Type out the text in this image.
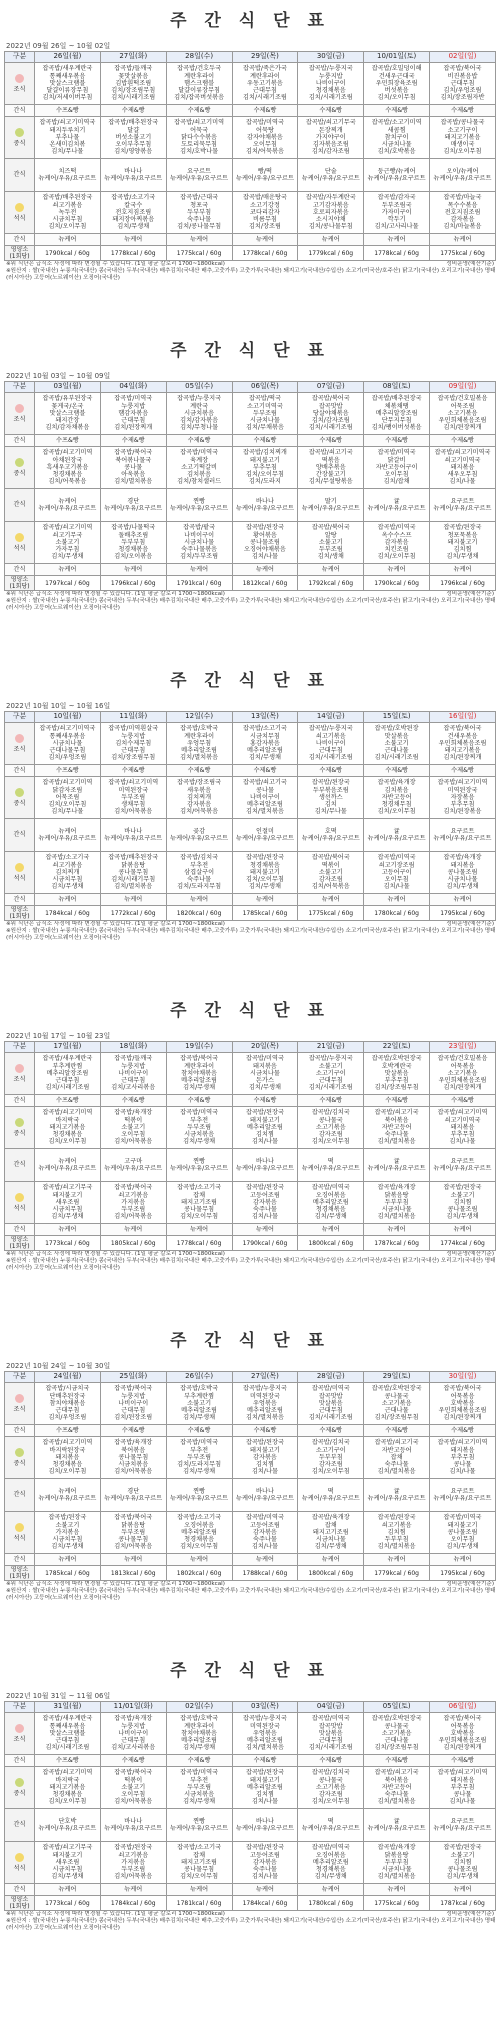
주 간 식 단 표
2022년 09월 26일 ~ 10월 02일
구분	26일(월)	27일(화)	28일(수)	29일(목)	30일(금)	10/01일(토)	02일(일)

조식	잡곡밥/새우계란국
통째새우볶음
맛살스크램블
달걀이류장무침
김치/저세이버무침	잡곡밥/들깨국
꽃맛살볶음
김밥흰떡조림
김치/장조림무침
김치/시래기조림	잡곡밥/건호두국
계란후라이
햄스크램블
달걀이류장무침
김치/잡곡버섯볶음	잡곡밥/죽은가국
계란후라이
우동고기볶음
근대무침
김치/시래기조림	잡곡밥/누룽지국
누룽지밥
나비이구이
청경채볶음
김치/시래기조림	잡곡밥/호밀덩이해
건새우근대국
우민희장육조림
버섯볶음
김치/오이무침	잡곡밥/북어국
비진볶음밥
근대무침
김치/우엉조림
김치/장조림자반
간식	수프&빵	수제&빵	수제&빵	수제&빵	수제&빵	수제&빵	수제&빵

중식	잡곡밥/쇠고기미역국
돼지두루치기
부추나물
온새미김치볶
김치/무나물	잡곡밥/배추된장국
달걀
버섯소불고기
오이부추무침
김치/영양볶음	잡곡밥/쇠고기미역
어묵국
닭다수수볶음
도토리묵무침
김치/호박나물	잡곡밥/미역국
어묵탕
감자야채볶음
오이무침
김치/어묵볶음	잡곡밥/쇠고기무국
돈장찌개
가지야구이
김자볶음조림
김치/감자조림	잡곡밥/소고기미역
새콤찜
참치구이
시금치나물
김치/호박볶음	잡곡밥/콩나물국
소고기구이
돼지고기볶음
매생이국
김치/오이무침
간식	치즈떡
뉴케어/우유/요구르트	바나나
뉴케어/우유/요구르트	요구르트
뉴케어/우유/요구르트	빵/떡
뉴케어/우유/요구르트	단술
뉴케어/우유/요구르트	둥근빵/뉴케어
뉴케어/우유/요구르트	오이/뉴케어
뉴케어/우유/요구르트

석식	잡곡밥/배추된장국
쇠고기볶음
녹두전
시금치무침
김치/오이무침	잡곡밥/소고기국
칼국수
전호지짐조림
돼지장아찌볶음
김치/무생채	잡곡밥/근대국
청포국
두부부침
숙주나물
김치/콩나물무침	잡곡밥/매운탕국
소고기강정
코다리감자
비름무침
김치/장조림	잡곡밥/자두계란국
고기감자볶음
호로피자볶음
소시지야채
김치/콩나물무침	잡곡밥/감자국
두부조림국
가자미구이
깍두기
김치/고사리나물	잡곡밥/마늘국
목수수볶음
전호지짐조림
감자볶음
김치/마늘볶음
간식	뉴케어	뉴케어	뉴케어	뉴케어	뉴케어	뉴케어	뉴케어
영양소
(1회당)	1790kcal / 60g	1778kcal / 60g	1775kcal / 60g	1778kcal / 60g	1779kcal / 60g	1778kcal / 60g	1775kcal / 60g
성비운영(예산기준)
※위 식단은 급식소 사정에 따라 변경될 수 있습니다. (1일 평균 칼로리 1700~1800kcal)
※원산지 : 쌀(국내산) 누룽지(국내산) 콩(국내산) 두부(국내산) 배추김치(국내산 배추,고춧가루) 고춧가루(국내산) 돼지고기(국내산/수입산) 소고기(미국산/호주산) 닭고기(국내산) 오리고기(국내산) 명태(러시아산) 고등어(노르웨이산) 오징어(국내산)
주 간 식 단 표
2022년 10월 03일 ~ 10월 09일
구분	03일(월)	04일(화)	05일(수)	06일(목)	07일(금)	08일(토)	09일(일)

조식	잡곡밥/유부된장국
꽃게국/온국
맛살스크램블
돼지간장
김치/감자채볶음	잡곡밥/미역국
누룽지밥
햄감자볶음
근대무침
김치/된장찌개	잡곡밥/누룽지국
계란국
시금치볶음
김치/감자볶음
김치/무청나물	잡곡밥/떡국
소고기미역국
두부조림
시금치나물
김치/무채볶음	잡곡밥/북어국
잡곡맛밥
당살야채볶음
김치/감자조림
김치/시래기조림	잡곡밥/배추된장국
체볶채땡
메추리알장조림
단무지무침
김치/팽이버섯볶음	잡곡밥/건호밀볶음
어묵조림
소고기볶음
우민희체볶음조림
김치/된장찌개
간식	수프&빵	수제&빵	수제&빵	수제&빵	수제&빵	수제&빵	수제&빵

중식	잡곡밥/쇠고기미역
아채된장국
흑새우고기볶음
청경채볶음
김치/어묵볶음	잡곡밥/북어국
북어볶나물국
콩나물
아욱볶음
김치/멸치볶음	잡곡밥/미역국
육계장
소고기떡갈비
김치볶음
김치/참치샐러드	잡곡밥/김치찌개
돼지불고기
부추무침
김치/오이무침
김치/도라지	잡곡밥/쇠고기국
떡볶음
양배추볶음
간장불고기
김치/무설탕볶음	잡곡밥/미역국
닭갈비
자반고등어구이
오이무침
김치/잡채	잡곡밥/쇠고기미역국
쇠고기미역국
돼지볶음
새우오무침
김치/나물
간식	뉴케어
뉴케어/우유/요구르트	경단
뉴케어/우유/요구르트	찐빵
뉴케어/우유/요구르트	바나나
뉴케어/우유/요구르트	딸기
뉴케어/우유/요구르트	귤
뉴케어/우유/요구르트	요구르트
뉴케어/우유/요구르트

석식	잡곡밥/쇠고기미역
쇠고기무국
소불고기
가자무침
김치/무생채	잡곡밥/나물떡국
돌배추조림
두부부침
청경채볶음
김치/오이볶음	잡곡밥/팥국
나비이구이
시금치나물
숙주나물볶음
김치/두부조림	잡곡밥/된장국
황어볶음
콩나물조림
오징어야채볶음
김치/나물	잡곡밥/북어국
알탕
소불고기
두부조림
김치/생채	잡곡밥/미역국
옥수수스프
감자볶음
치킨조림
김치/오이무침	잡곡밥/된장국
청포묵볶음
돼지불고기
김치찜
김치/무생채
간식	뉴케어	뉴케어	뉴케어	뉴케어	뉴케어	뉴케어	뉴케어
영양소
(1회당)	1797kcal / 60g	1796kcal / 60g	1791kcal / 60g	1812kcal / 60g	1792kcal / 60g	1790kcal / 60g	1796kcal / 60g
성비운영(예산기준)
※위 식단은 급식소 사정에 따라 변경될 수 있습니다. (1일 평균 칼로리 1700~1800kcal)
※원산지 : 쌀(국내산) 누룽지(국내산) 콩(국내산) 두부(국내산) 배추김치(국내산 배추,고춧가루) 고춧가루(국내산) 돼지고기(국내산/수입산) 소고기(미국산/호주산) 닭고기(국내산) 오리고기(국내산) 명태(러시아산) 고등어(노르웨이산) 오징어(국내산)
주 간 식 단 표
2022년 10월 10일 ~ 10월 16일
구분	10일(월)	11일(화)	12일(수)	13일(목)	14일(금)	15일(토)	16일(일)

조식	잡곡밥/쇠고기미역국
통째새우볶음
시금치나물
근대나물무침
김치/우엉조림	잡곡밥/미역흰살국
누룽지밥
김치수제무침
근대무침
김치/장조림무침	잡곡밥/호박국
계란후라이
우엉무침
메추리알조림
김치/멸치볶음	잡곡밥/소고기국
시금치무침
홍감자볶음
메추리알조림
김치/무생채	잡곡밥/누룽지국
쇠고기볶음
나비이구이
근대무침
김치/시래기조림	잡곡밥/호박된장
맛살볶음
소불고기
근대나물
김치/시래기조림	잡곡밥/북어국
건새우볶음
우민희체볶음조림
돼지고기볶음
김치/된장찌개
간식	수프&빵	수제&빵	수제&빵	수제&빵	수제&빵	수제&빵	수제&빵

중식	잡곡밥/쇠고기미역
닭감자조림
어묵조림
김치/오이무침
김치/무나물	잡곡밥/쇠고기미역
미역된장국
두부조림
생채무침
김치/어묵볶음	잡곡밥/장조림국
새우볶음
김치찌개
감자볶음
김치/어묵볶음	잡곡밥/쇠고기국
콩나물
나비이구이
메추리알조림
김치/멸치볶음	잡곡밥/된장국
두부볶음조림
생선까스
김치
김치/무나물	잡곡밥/육개장
김치볶음
자반고등어
청경채무침
김치/오이무침	잡곡밥/쇠고기미역
미역된장국
자장볶음
부추무침
김치/된장볶음
간식	뉴케어
뉴케어/우유/요구르트	바나나
뉴케어/우유/요구르트	곶감
뉴케어/우유/요구르트	인절미
뉴케어/우유/요구르트	호떡
뉴케어/우유/요구르트	귤
뉴케어/우유/요구르트	요구르트
뉴케어/우유/요구르트

석식	잡곡밥/소고기국
쇠고기볶음
김치찌개
시금치무침
김치/무생채	잡곡밥/배추된장국
닭볶음탕
콩나물무침
김치/시래기무침
김치/멸치볶음	잡곡밥/김치국
부추전
삼겹살구이
숙주나물
김치/도라지무침	잡곡밥/된장국
청경채볶음
돼지불고기
김치/오이무침
김치/무생채	잡곡밥/북어국
떡볶이
소불고기
감자조림
김치/어묵볶음	잡곡밥/미역국
쇠고기장조림
고등어구이
오이무침
김치/나물	잡곡밥/육개장
돼지볶음
콩나물조림
시금치나물
김치/무생채
간식	뉴케어	뉴케어	뉴케어	뉴케어	뉴케어	뉴케어	뉴케어
영양소
(1회당)	1784kcal / 60g	1772kcal / 60g	1820kcal / 60g	1785kcal / 60g	1775kcal / 60g	1780kcal / 60g	1795kcal / 60g
성비운영(예산기준)
※위 식단은 급식소 사정에 따라 변경될 수 있습니다. (1일 평균 칼로리 1700~1800kcal)
※원산지 : 쌀(국내산) 누룽지(국내산) 콩(국내산) 두부(국내산) 배추김치(국내산 배추,고춧가루) 고춧가루(국내산) 돼지고기(국내산/수입산) 소고기(미국산/호주산) 닭고기(국내산) 오리고기(국내산) 명태(러시아산) 고등어(노르웨이산) 오징어(국내산)
주 간 식 단 표
2022년 10월 17일 ~ 10월 23일
구분	17일(월)	18일(화)	19일(수)	20일(목)	21일(금)	22일(토)	23일(일)

조식	잡곡밥/새우계란국
부추계란찜
메추리알장조림
근대무침
김치/시래기조림	잡곡밥/들깨국
누룽지밥
나비이구이
근대무침
김치/고사리볶음	잡곡밥/북어국
계란후라이
참치야채볶음
메추리알조림
김치/무생채	잡곡밥/미역국
돼지볶음
시금치나물
돈가스
김치/무생채	잡곡밥/누룽지국
소불고기
소고기구이
근대무침
김치/시래기조림	잡곡밥/호박된장국
호박계란국
맛살볶음
부추무침
김치/장조림무침	잡곡밥/건호밀볶음
어묵볶음
소고기볶음
우민희체볶음조림
김치/된장찌개
간식	수프&빵	수제&빵	수제&빵	수제&빵	수제&빵	수제&빵	수제&빵

중식	잡곡밥/쇠고기미역
바지락국
돼지고기볶음
청경채볶음
김치/오이무침	잡곡밥/육개장
떡볶이
소불고기
오이무침
김치/어묵볶음	잡곡밥/미역국
부추전
두부조림
시금치볶음
김치/무생채	잡곡밥/된장국
돼지불고기
메추리알조림
김치찜
김치/나물	잡곡밥/김치국
콩나물국
소고기볶음
감자조림
김치/오이무침	잡곡밥/쇠고기국
북어볶음
자반고등어
숙주나물
김치/멸치볶음	잡곡밥/쇠고기미역
쇠고기미역국
돼지볶음
부추무침
김치/나물
간식	뉴케어
뉴케어/우유/요구르트	고구마
뉴케어/우유/요구르트	찐빵
뉴케어/우유/요구르트	바나나
뉴케어/우유/요구르트	떡
뉴케어/우유/요구르트	귤
뉴케어/우유/요구르트	요구르트
뉴케어/우유/요구르트

석식	잡곡밥/쇠고기무국
돼지불고기
새우조림
시금치무침
김치/무생채	잡곡밥/북어국
쇠고기볶음
가지볶음
두부조림
김치/어묵볶음	잡곡밥/소고기국
잡채
돼지고기조림
콩나물무침
김치/오이무침	잡곡밥/된장국
고등어조림
감자볶음
숙주나물
김치/나물	잡곡밥/미역국
오징어볶음
메추리알조림
청경채볶음
김치/무생채	잡곡밥/육개장
닭볶음탕
두부부침
시금치나물
김치/멸치볶음	잡곡밥/된장국
소불고기
김치찜
콩나물조림
김치/무생채
간식	뉴케어	뉴케어	뉴케어	뉴케어	뉴케어	뉴케어	뉴케어
영양소
(1회당)	1773kcal / 60g	1805kcal / 60g	1778kcal / 60g	1790kcal / 60g	1800kcal / 60g	1787kcal / 60g	1774kcal / 60g
성비운영(예산기준)
※위 식단은 급식소 사정에 따라 변경될 수 있습니다. (1일 평균 칼로리 1700~1800kcal)
※원산지 : 쌀(국내산) 누룽지(국내산) 콩(국내산) 두부(국내산) 배추김치(국내산 배추,고춧가루) 고춧가루(국내산) 돼지고기(국내산/수입산) 소고기(미국산/호주산) 닭고기(국내산) 오리고기(국내산) 명태(러시아산) 고등어(노르웨이산) 오징어(국내산)
주 간 식 단 표
2022년 10월 24일 ~ 10월 30일
구분	24일(월)	25일(화)	26일(수)	27일(목)	28일(금)	29일(토)	30일(일)

조식	잡곡밥/시금치국
단배추된장국
참치야채볶음
근대무침
김치/우엉조림	잡곡밥/북어국
누룽지밥
나비이구이
근대무침
김치/된장조림	잡곡밥/호박국
부추계란찜
소불고기
메추리알조림
김치/무생채	잡곡밥/누룽지국
미역된장국
우엉볶음
메추리알조림
김치/멸치볶음	잡곡밥/미역국
잡곡맛밥
맛살볶음
근대무침
김치/시래기조림	잡곡밥/호박된장국
콩나물국
소고기볶음
근대나물
김치/장조림무침	잡곡밥/북어국
어묵볶음
호박볶음
우민희체볶음조림
김치/된장찌개
간식	수프&빵	수제&빵	수제&빵	수제&빵	수제&빵	수제&빵	수제&빵

중식	잡곡밥/쇠고기미역
바지락된장국
돼지볶음
청경채볶음
김치/오이무침	잡곡밥/육개장
북어볶음
콩나물무침
시금치볶음
김치/어묵볶음	잡곡밥/미역국
부추전
두부조림
김치/도라지무침
김치/무생채	잡곡밥/된장국
돼지불고기
감자볶음
김치찜
김치/나물	잡곡밥/김치국
소고기구이
두부부침
감자조림
김치/오이무침	잡곡밥/쇠고기국
자반고등어
잡채
숙주나물
김치/멸치볶음	잡곡밥/쇠고기미역
돼지볶음
부추무침
콩나물
김치/나물
간식	뉴케어
뉴케어/우유/요구르트	경단
뉴케어/우유/요구르트	찐빵
뉴케어/우유/요구르트	바나나
뉴케어/우유/요구르트	떡
뉴케어/우유/요구르트	귤
뉴케어/우유/요구르트	요구르트
뉴케어/우유/요구르트

석식	잡곡밥/된장국
소불고기
가지볶음
시금치무침
김치/무생채	잡곡밥/북어국
닭볶음탕
두부조림
콩나물무침
김치/어묵볶음	잡곡밥/소고기국
오징어볶음
메추리알조림
청경채볶음
김치/오이무침	잡곡밥/미역국
고등어조림
감자볶음
숙주나물
김치/나물	잡곡밥/육개장
잡채
돼지고기조림
시금치나물
김치/무생채	잡곡밥/된장국
쇠고기볶음
김치찜
두부부침
김치/멸치볶음	잡곡밥/미역국
돼지불고기
콩나물조림
오이무침
김치/무생채
간식	뉴케어	뉴케어	뉴케어	뉴케어	뉴케어	뉴케어	뉴케어
영양소
(1회당)	1785kcal / 60g	1813kcal / 60g	1802kcal / 60g	1788kcal / 60g	1800kcal / 60g	1779kcal / 60g	1795kcal / 60g
성비운영(예산기준)
※위 식단은 급식소 사정에 따라 변경될 수 있습니다. (1일 평균 칼로리 1700~1800kcal)
※원산지 : 쌀(국내산) 누룽지(국내산) 콩(국내산) 두부(국내산) 배추김치(국내산 배추,고춧가루) 고춧가루(국내산) 돼지고기(국내산/수입산) 소고기(미국산/호주산) 닭고기(국내산) 오리고기(국내산) 명태(러시아산) 고등어(노르웨이산) 오징어(국내산)
주 간 식 단 표
2022년 10월 31일 ~ 11월 06일
구분	31일(월)	11/01일(화)	02일(수)	03일(목)	04일(금)	05일(토)	06일(일)

조식	잡곡밥/새우계란국
통째새우볶음
맛살스크램블
근대무침
김치/시래기조림	잡곡밥/육개장
누룽지밥
나비이구이
근대무침
김치/고사리볶음	잡곡밥/호박국
계란후라이
참치야채볶음
메추리알조림
김치/무생채	잡곡밥/누룽지국
미역된장국
우엉볶음
메추리알조림
김치/멸치볶음	잡곡밥/미역국
잡곡맛밥
맛살볶음
근대무침
김치/시래기조림	잡곡밥/호박된장국
콩나물국
소고기볶음
근대나물
김치/장조림무침	잡곡밥/북어국
어묵볶음
호박볶음
우민희체볶음조림
김치/된장찌개
간식	수프&빵	수제&빵	수제&빵	수제&빵	수제&빵	수제&빵	수제&빵

중식	잡곡밥/쇠고기미역
바지락국
돼지고기볶음
청경채볶음
김치/오이무침	잡곡밥/북어국
떡볶이
소불고기
오이무침
김치/어묵볶음	잡곡밥/미역국
부추전
두부조림
시금치볶음
김치/무생채	잡곡밥/된장국
돼지불고기
메추리알조림
김치찜
김치/나물	잡곡밥/김치국
콩나물국
소고기볶음
감자조림
김치/오이무침	잡곡밥/쇠고기국
북어볶음
자반고등어
숙주나물
김치/멸치볶음	잡곡밥/쇠고기미역
돼지볶음
부추무침
콩나물
김치/나물
간식	단호박
뉴케어/우유/요구르트	바나나
뉴케어/우유/요구르트	찐빵
뉴케어/우유/요구르트	바나나
뉴케어/우유/요구르트	떡
뉴케어/우유/요구르트	귤
뉴케어/우유/요구르트	요구르트
뉴케어/우유/요구르트

석식	잡곡밥/쇠고기무국
돼지불고기
새우조림
시금치무침
김치/무생채	잡곡밥/된장국
쇠고기볶음
가지볶음
두부조림
김치/어묵볶음	잡곡밥/소고기국
잡채
돼지고기조림
콩나물무침
김치/오이무침	잡곡밥/된장국
고등어조림
감자볶음
숙주나물
김치/나물	잡곡밥/미역국
오징어볶음
메추리알조림
청경채볶음
김치/무생채	잡곡밥/육개장
닭볶음탕
두부부침
시금치나물
김치/멸치볶음	잡곡밥/된장국
소불고기
김치찜
콩나물조림
김치/무생채
간식	뉴케어	뉴케어	뉴케어	뉴케어	뉴케어	뉴케어	뉴케어
영양소
(1회당)	1773kcal / 60g	1784kcal / 60g	1781kcal / 60g	1784kcal / 60g	1780kcal / 60g	1775kcal / 60g	1787kcal / 60g
성비운영(예산기준)
※위 식단은 급식소 사정에 따라 변경될 수 있습니다. (1일 평균 칼로리 1700~1800kcal)
※원산지 : 쌀(국내산) 누룽지(국내산) 콩(국내산) 두부(국내산) 배추김치(국내산 배추,고춧가루) 고춧가루(국내산) 돼지고기(국내산/수입산) 소고기(미국산/호주산) 닭고기(국내산) 오리고기(국내산) 명태(러시아산) 고등어(노르웨이산) 오징어(국내산)
